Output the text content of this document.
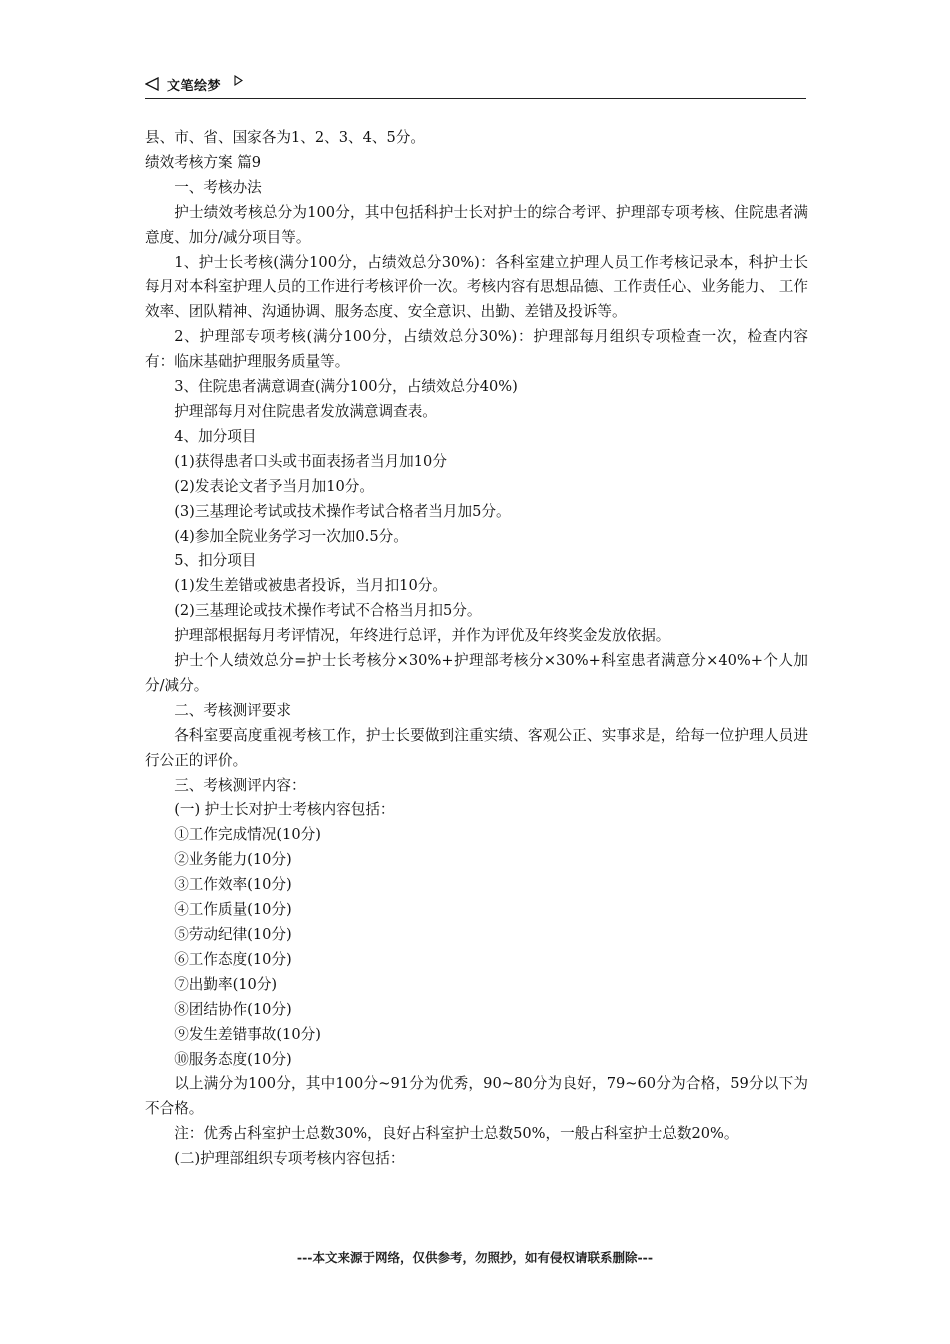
文笔绘梦

县、市、省、国家各为1、2、3、4、5分。

绩效考核方案 篇9

一、考核办法

护士绩效考核总分为100分，其中包括科护士长对护士的综合考评、护理部专项考核、住院患者满意度、加分/减分项目等。

1、护士长考核(满分100分，占绩效总分30%)：各科室建立护理人员工作考核记录本，科护士长每月对本科室护理人员的工作进行考核评价一次。考核内容有思想品德、工作责任心、业务能力、 工作效率、团队精神、沟通协调、服务态度、安全意识、出勤、差错及投诉等。

2、护理部专项考核(满分100分，占绩效总分30%)：护理部每月组织专项检查一次，检查内容有：临床基础护理服务质量等。

3、住院患者满意调查(满分100分，占绩效总分40%)

护理部每月对住院患者发放满意调查表。

4、加分项目

(1)获得患者口头或书面表扬者当月加10分

(2)发表论文者予当月加10分。

(3)三基理论考试或技术操作考试合格者当月加5分。

(4)参加全院业务学习一次加0.5分。

5、扣分项目

(1)发生差错或被患者投诉，当月扣10分。

(2)三基理论或技术操作考试不合格当月扣5分。

护理部根据每月考评情况，年终进行总评，并作为评优及年终奖金发放依据。

护士个人绩效总分=护士长考核分×30%+护理部考核分×30%+科室患者满意分×40%+个人加分/减分。

二、考核测评要求

各科室要高度重视考核工作，护士长要做到注重实绩、客观公正、实事求是，给每一位护理人员进行公正的评价。

三、考核测评内容：

(一) 护士长对护士考核内容包括：

①工作完成情况(10分)

②业务能力(10分)

③工作效率(10分)

④工作质量(10分)

⑤劳动纪律(10分)

⑥工作态度(10分)

⑦出勤率(10分)

⑧团结协作(10分)

⑨发生差错事故(10分)

⑩服务态度(10分)

以上满分为100分，其中100分~91分为优秀，90~80分为良好，79~60分为合格，59分以下为不合格。

注：优秀占科室护士总数30%，良好占科室护士总数50%，一般占科室护士总数20%。

(二)护理部组织专项考核内容包括：

---本文来源于网络，仅供参考，勿照抄，如有侵权请联系删除---
